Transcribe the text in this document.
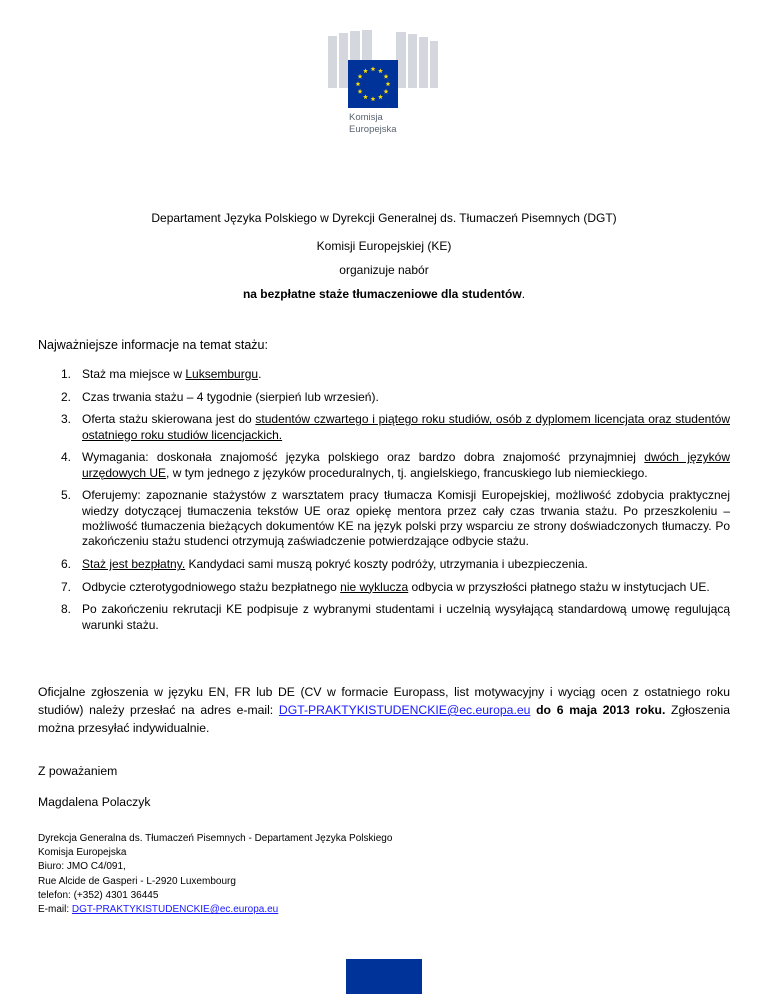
Komisja
Europejska
Departament Języka Polskiego w Dyrekcji Generalnej ds. Tłumaczeń Pisemnych (DGT)
Komisji Europejskiej (KE)
organizuje nabór
na bezpłatne staże tłumaczeniowe dla studentów.
Najważniejsze informacje na temat stażu:
1. Staż ma miejsce w Luksemburgu.
2. Czas trwania stażu – 4 tygodnie (sierpień lub wrzesień).
3. Oferta stażu skierowana jest do studentów czwartego i piątego roku studiów, osób z dyplomem licencjata oraz studentów ostatniego roku studiów licencjackich.
4. Wymagania: doskonała znajomość języka polskiego oraz bardzo dobra znajomość przynajmniej dwóch języków urzędowych UE, w tym jednego z języków proceduralnych, tj. angielskiego, francuskiego lub niemieckiego.
5. Oferujemy: zapoznanie stażystów z warsztatem pracy tłumacza Komisji Europejskiej, możliwość zdobycia praktycznej wiedzy dotyczącej tłumaczenia tekstów UE oraz opiekę mentora przez cały czas trwania stażu. Po przeszkoleniu – możliwość tłumaczenia bieżących dokumentów KE na język polski przy wsparciu ze strony doświadczonych tłumaczy. Po zakończeniu stażu studenci otrzymują zaświadczenie potwierdzające odbycie stażu.
6. Staż jest bezpłatny. Kandydaci sami muszą pokryć koszty podróży, utrzymania i ubezpieczenia.
7. Odbycie czterotygodniowego stażu bezpłatnego nie wyklucza odbycia w przyszłości płatnego stażu w instytucjach UE.
8. Po zakończeniu rekrutacji KE podpisuje z wybranymi studentami i uczelnią wysyłającą standardową umowę regulującą warunki stażu.
Oficjalne zgłoszenia w języku EN, FR lub DE (CV w formacie Europass, list motywacyjny i wyciąg ocen z ostatniego roku studiów) należy przesłać na adres e-mail: DGT-PRAKTYKISTUDENCKIE@ec.europa.eu do 6 maja 2013 roku. Zgłoszenia można przesyłać indywidualnie.
Z poważaniem
Magdalena Polaczyk
Dyrekcja Generalna ds. Tłumaczeń Pisemnych - Departament Języka Polskiego
Komisja Europejska
Biuro: JMO C4/091,
Rue Alcide de Gasperi - L-2920 Luxembourg
telefon: (+352) 4301 36445
E-mail: DGT-PRAKTYKISTUDENCKIE@ec.europa.eu
